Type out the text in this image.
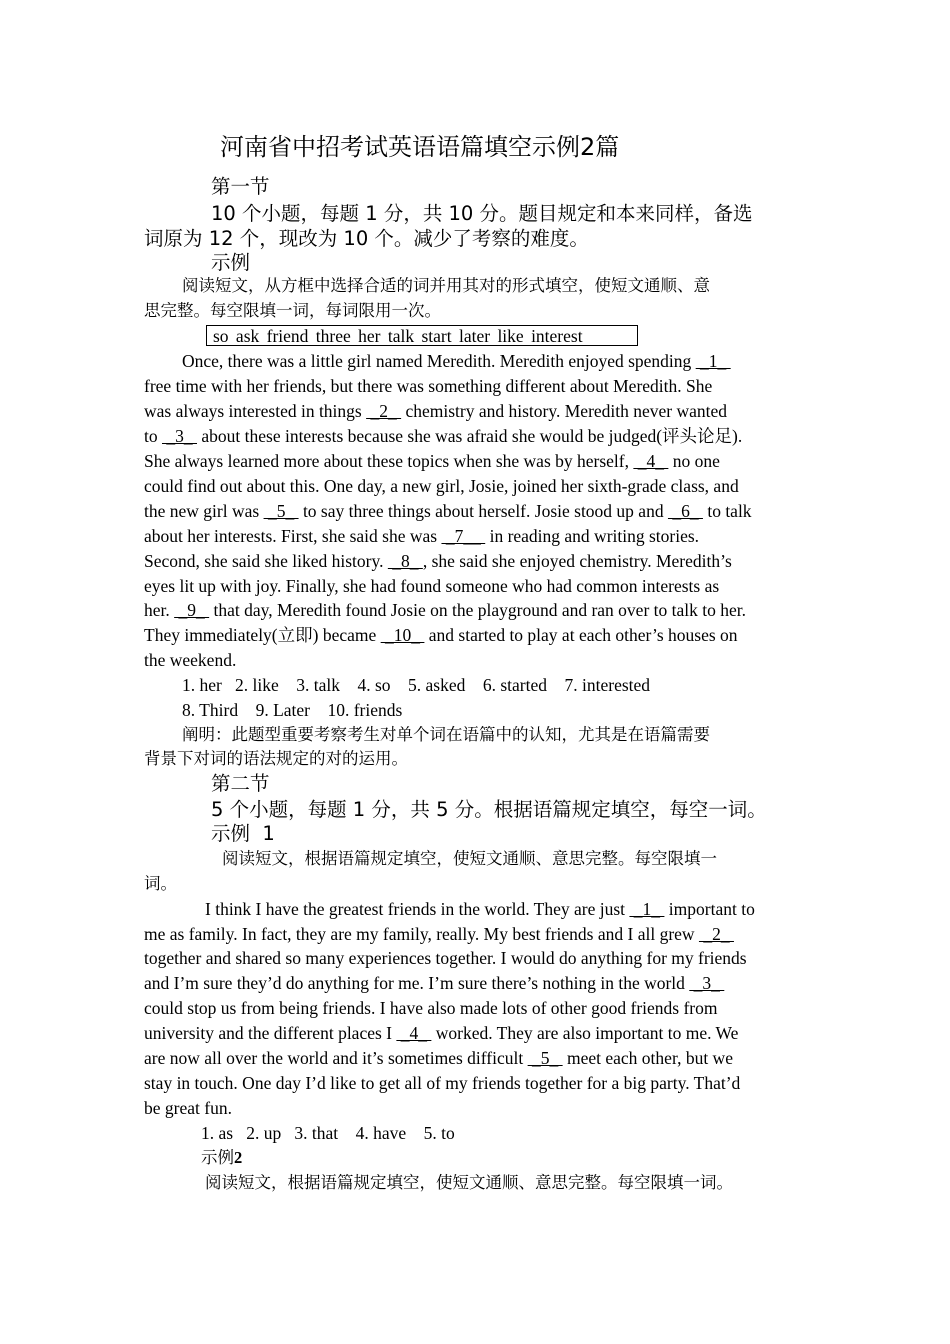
河南省中招考试英语语篇填空示例2篇
第一节
10 个小题，每题 1 分，共 10 分。题目规定和本来同样，备选
词原为 12 个，现改为 10 个。减少了考察的难度。
示例
阅读短文，从方框中选择合适的词并用其对的形式填空，使短文通顺、意
思完整。每空限填一词，每词限用一次。
so ask friend three her talk start later like interest
Once, there was a little girl named Meredith. Meredith enjoyed spending  _1_
free time with her friends, but there was something different about Meredith. She
was always interested in things  _2_  chemistry and history. Meredith never wanted
to  _3_  about these interests because she was afraid she would be judged(评头论足).
She always learned more about these topics when she was by herself,  _4_  no one
could find out about this. One day, a new girl, Josie, joined her sixth-grade class, and
the new girl was  _5_  to say three things about herself. Josie stood up and  _6_  to talk
about her interests. First, she said she was  _7__  in reading and writing stories.
Second, she said she liked history.  _8_ , she said she enjoyed chemistry. Meredith’s
eyes lit up with joy. Finally, she had found someone who had common interests as
her.  _9_  that day, Meredith found Josie on the playground and ran over to talk to her.
They immediately(立即) became  _10_  and started to play at each other’s houses on
the weekend.
1. her   2. like    3. talk    4. so    5. asked    6. started    7. interested
8. Third    9. Later    10. friends
阐明：此题型重要考察考生对单个词在语篇中的认知，尤其是在语篇需要
背景下对词的语法规定的对的运用。
第二节
5 个小题，每题 1 分，共 5 分。根据语篇规定填空，每空一词。
示例  1
阅读短文，根据语篇规定填空，使短文通顺、意思完整。每空限填一
词。
I think I have the greatest friends in the world. They are just  _1_  important to
me as family. In fact, they are my family, really. My best friends and I all grew  _2_
together and shared so many experiences together. I would do anything for my friends
and I’m sure they’d do anything for me. I’m sure there’s nothing in the world  _3_
could stop us from being friends. I have also made lots of other good friends from
university and the different places I  _4_  worked. They are also important to me. We
are now all over the world and it’s sometimes difficult  _5_  meet each other, but we
stay in touch. One day I’d like to get all of my friends together for a big party. That’d
be great fun.
1. as   2. up   3. that    4. have    5. to
示例2
阅读短文，根据语篇规定填空，使短文通顺、意思完整。每空限填一词。
